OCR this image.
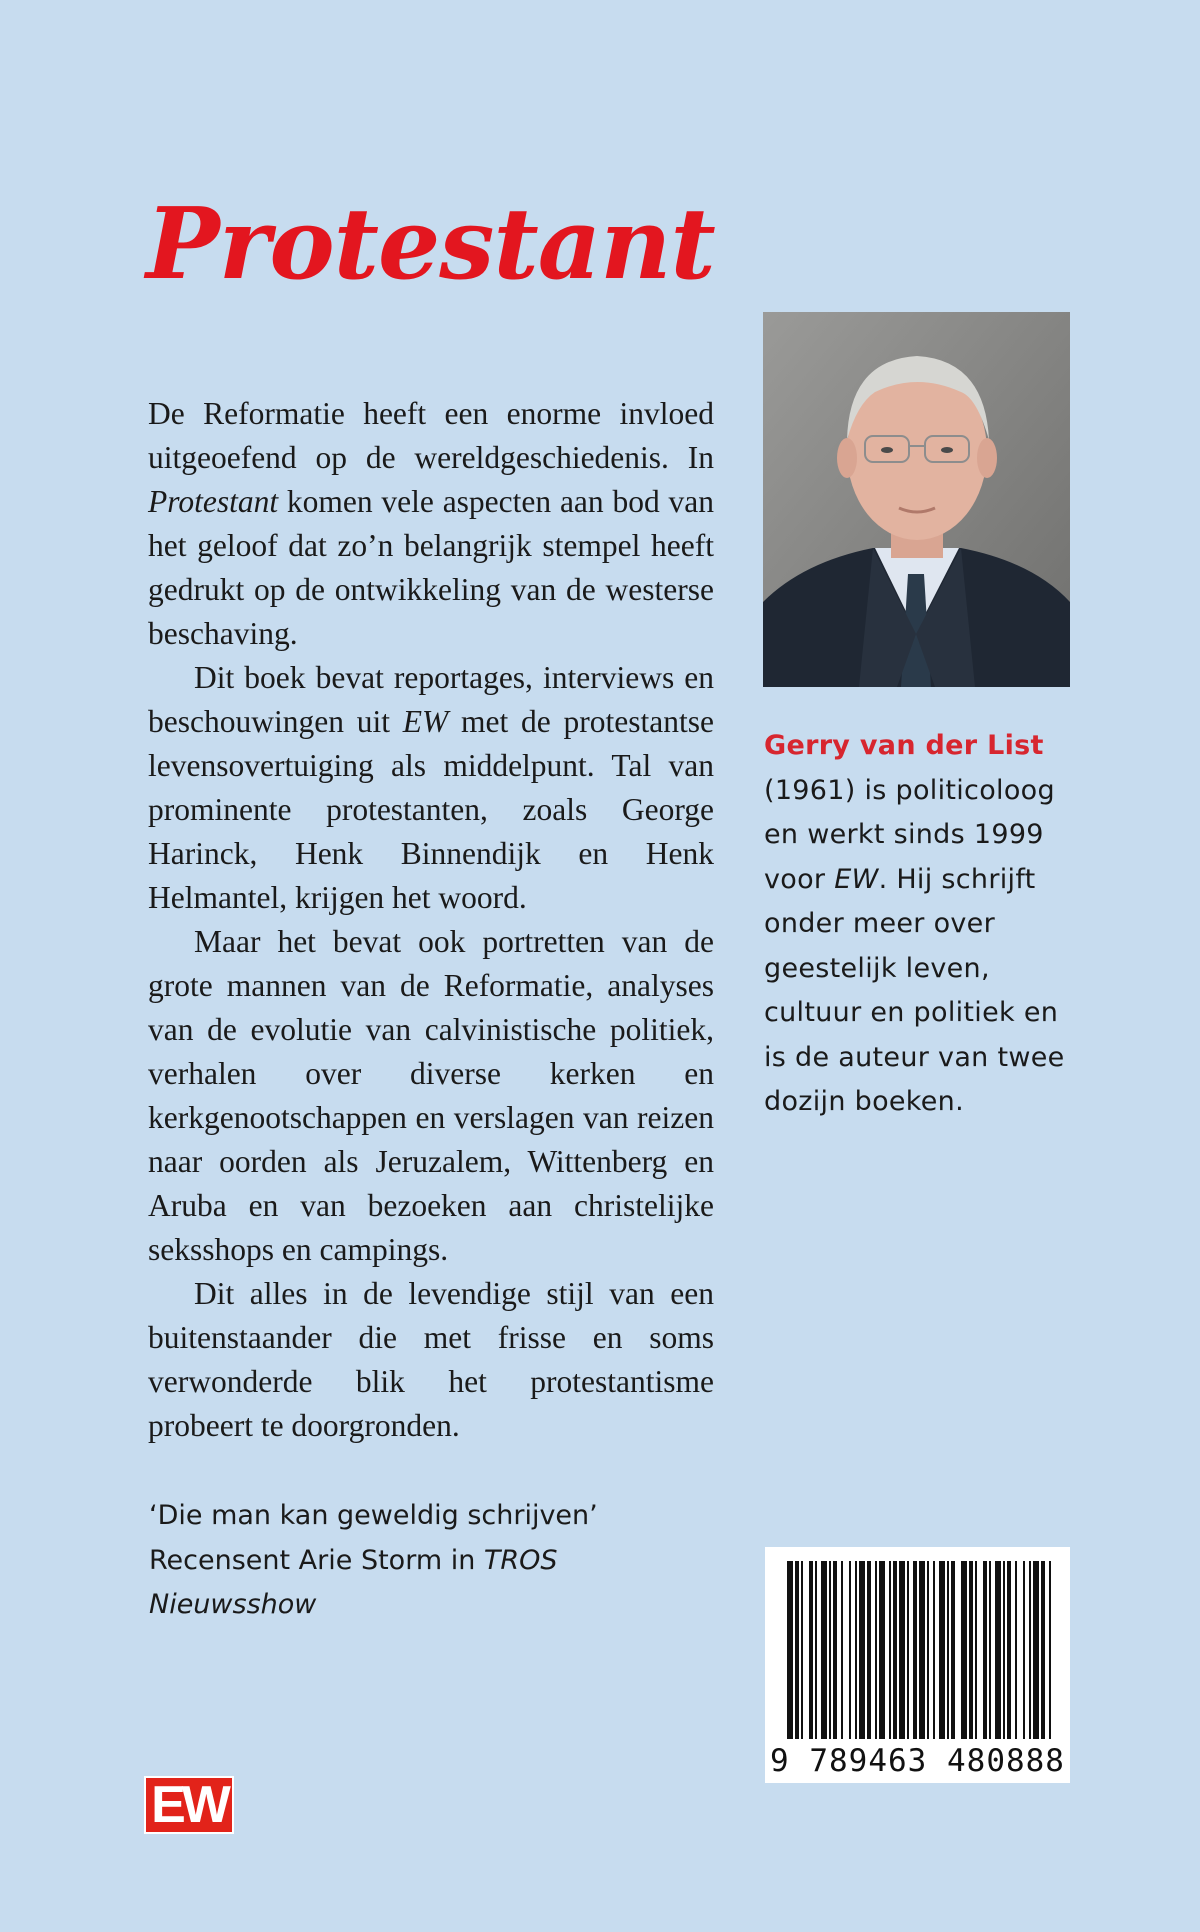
Protestant

De Reformatie heeft een enorme invloed uitgeoefend op de wereldgeschiedenis. In Protestant komen vele aspecten aan bod van het geloof dat zo’n belangrijk stempel heeft gedrukt op de ontwikkeling van de westerse beschaving.

Dit boek bevat reportages, interviews en beschouwingen uit EW met de protestantse levensovertuiging als middelpunt. Tal van prominente protestanten, zoals George Harinck, Henk Binnendijk en Henk Helmantel, krijgen het woord.

Maar het bevat ook portretten van de grote mannen van de Reformatie, analyses van de evolutie van calvinistische politiek, verhalen over diverse kerken en kerkgenootschappen en verslagen van reizen naar oorden als Jeruzalem, Wittenberg en Aruba en van bezoeken aan christelijke seksshops en campings.

Dit alles in de levendige stijl van een buitenstaander die met frisse en soms verwonderde blik het protestantisme probeert te doorgronden.

Gerry van der List (1961) is politicoloog en werkt sinds 1999 voor EW. Hij schrijft onder meer over geestelijk leven, cultuur en politiek en is de auteur van twee dozijn boeken.
‘Die man kan geweldig schrijven’
Recensent Arie Storm in TROS Nieuwsshow
9 789463 480888
EW
